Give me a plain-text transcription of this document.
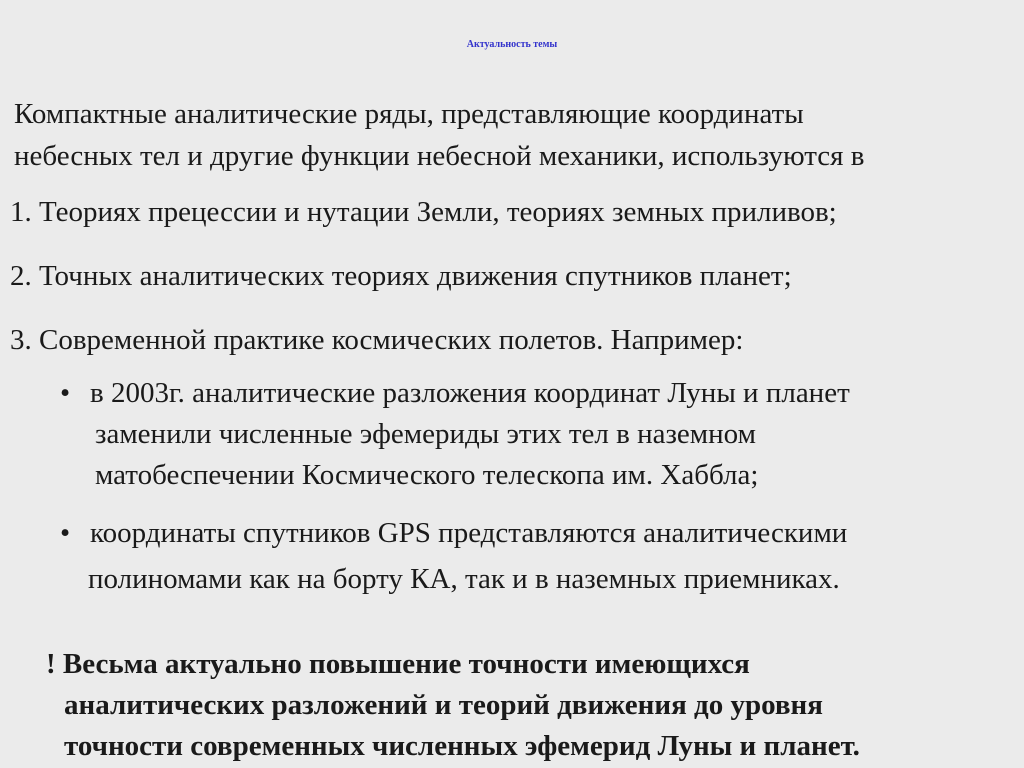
Актуальность темы
Компактные аналитические ряды, представляющие координаты
небесных тел и другие функции небесной механики, используются в
1. Теориях прецессии и нутации Земли, теориях земных приливов;
2. Точных аналитических теориях движения спутников планет;
3. Современной практике космических полетов. Например:
• в 2003г. аналитические разложения координат Луны и планет
заменили численные эфемериды этих тел в наземном
матобеспечении Космического телескопа им. Хаббла;
• координаты спутников GPS представляются аналитическими
полиномами как на борту КА, так и в наземных приемниках.
! Весьма актуально повышение точности имеющихся
аналитических разложений и теорий движения до уровня
точности современных численных эфемерид Луны и планет.
